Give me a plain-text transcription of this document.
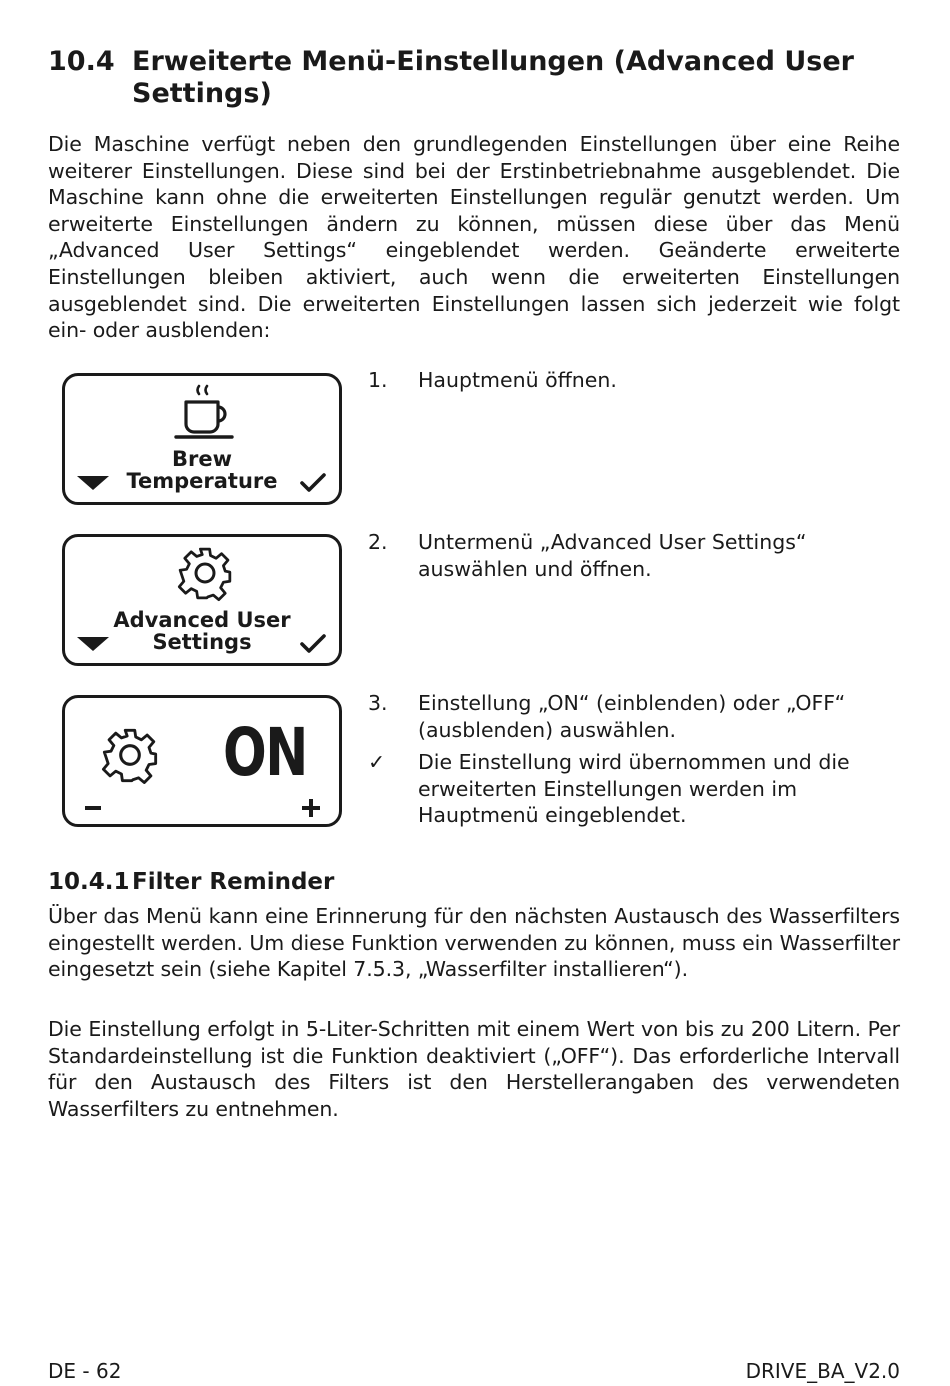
10.4 Erweiterte Menü-Einstellungen (Advanced User Settings)

Die Maschine verfügt neben den grundlegenden Einstellungen über eine Reihe weiterer Einstellungen. Diese sind bei der Erstinbetriebnahme ausgeblendet. Die Maschine kann ohne die erweiterten Einstellungen regulär genutzt werden. Um erweiterte Einstellungen ändern zu können, müssen diese über das Menü „Advanced User Settings“ eingeblendet werden. Geänderte erweiterte Einstellungen bleiben aktiviert, auch wenn die erweiterten Einstellungen ausgeblendet sind. Die erweiterten Einstellungen lassen sich jederzeit wie folgt ein- oder ausblenden:

Brew
Temperature
Advanced User
Settings
ON
1.	Hauptmenü öffnen.
2.	Untermenü „Advanced User Settings“ auswählen und öffnen.
3.	Einstellung „ON“ (einblenden) oder „OFF“ (ausblenden) auswählen.
✓	Die Einstellung wird übernommen und die erweiterten Einstellungen werden im Hauptmenü eingeblendet.
10.4.1 Filter Reminder

Über das Menü kann eine Erinnerung für den nächsten Austausch des Wasserfilters eingestellt werden. Um diese Funktion verwenden zu können, muss ein Wasserfilter eingesetzt sein (siehe Kapitel 7.5.3, „Wasserfilter installieren“).

Die Einstellung erfolgt in 5-Liter-Schritten mit einem Wert von bis zu 200 Litern. Per Standardeinstellung ist die Funktion deaktiviert („OFF“). Das erforderliche Intervall für den Austausch des Filters ist den Herstellerangaben des verwendeten Wasserfilters zu entnehmen.

DE - 62	DRIVE_BA_V2.0
